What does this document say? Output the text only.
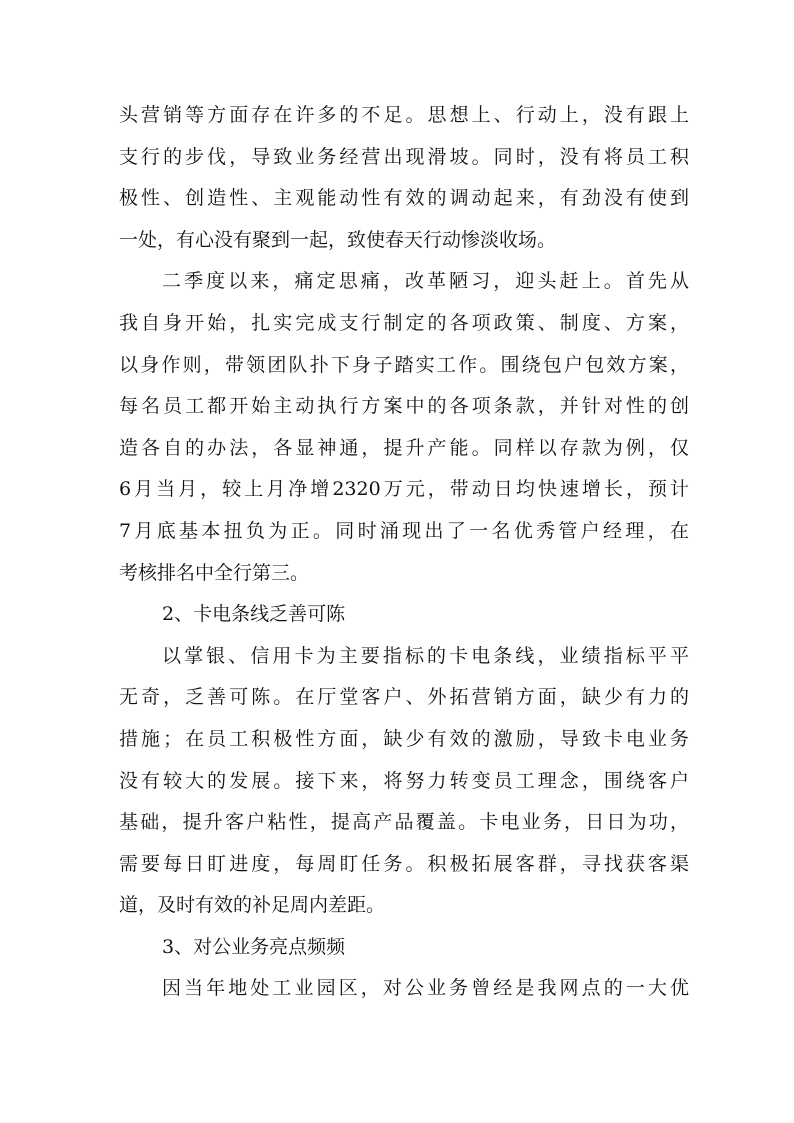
头营销等方面存在许多的不足。思想上、行动上，没有跟上
支行的步伐，导致业务经营出现滑坡。同时，没有将员工积
极性、创造性、主观能动性有效的调动起来，有劲没有使到
一处，有心没有聚到一起，致使春天行动惨淡收场。
二季度以来，痛定思痛，改革陋习，迎头赶上。首先从
我自身开始，扎实完成支行制定的各项政策、制度、方案，
以身作则，带领团队扑下身子踏实工作。围绕包户包效方案，
每名员工都开始主动执行方案中的各项条款，并针对性的创
造各自的办法，各显神通，提升产能。同样以存款为例，仅
6月当月，较上月净增2320万元，带动日均快速增长，预计
7月底基本扭负为正。同时涌现出了一名优秀管户经理，在
考核排名中全行第三。
2、卡电条线乏善可陈
以掌银、信用卡为主要指标的卡电条线，业绩指标平平
无奇，乏善可陈。在厅堂客户、外拓营销方面，缺少有力的
措施；在员工积极性方面，缺少有效的激励，导致卡电业务
没有较大的发展。接下来，将努力转变员工理念，围绕客户
基础，提升客户粘性，提高产品覆盖。卡电业务，日日为功，
需要每日盯进度，每周盯任务。积极拓展客群，寻找获客渠
道，及时有效的补足周内差距。
3、对公业务亮点频频
因当年地处工业园区，对公业务曾经是我网点的一大优
